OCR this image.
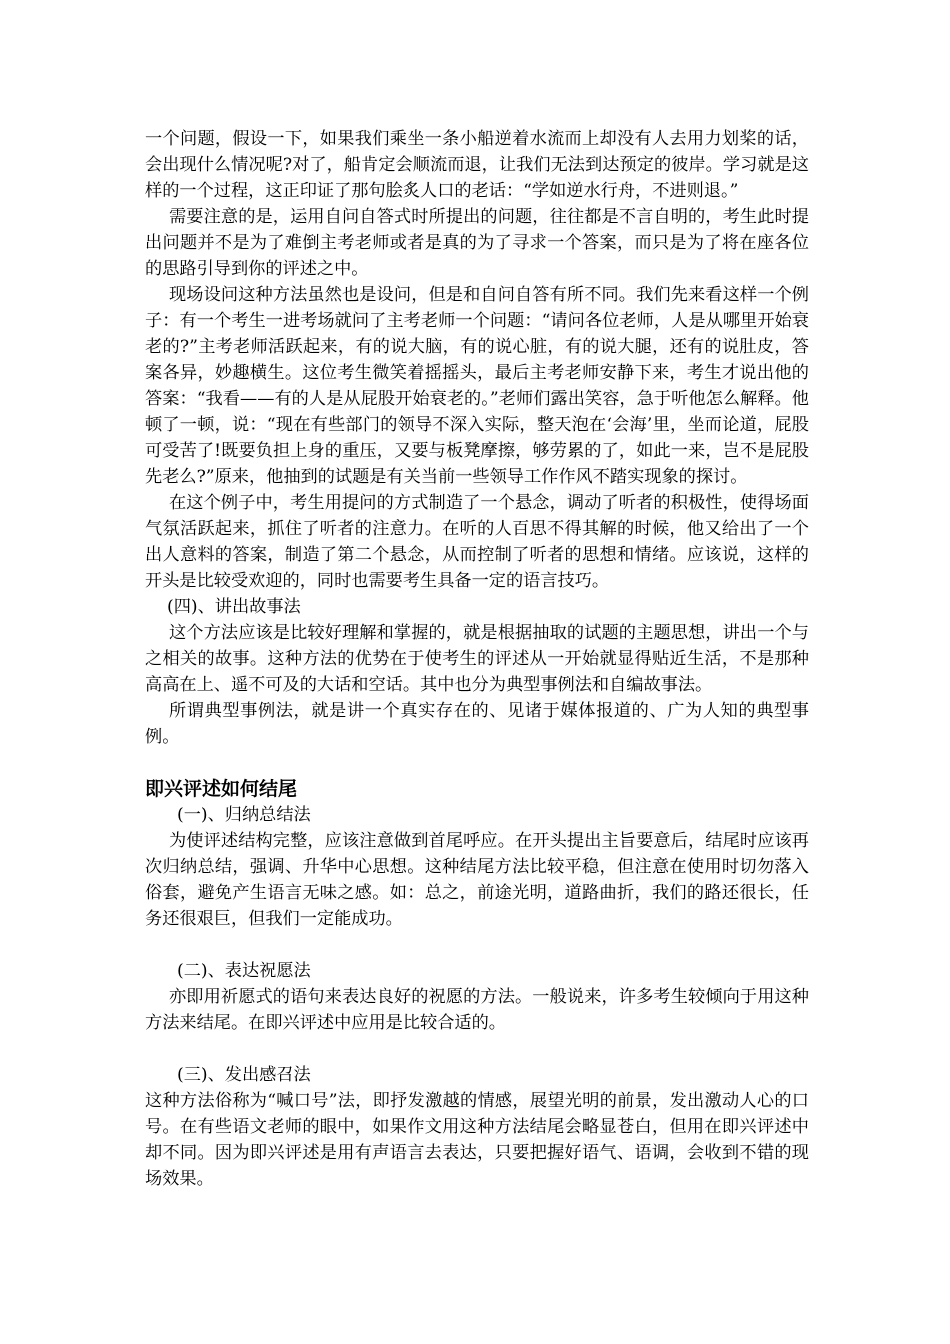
一个问题，假设一下，如果我们乘坐一条小船逆着水流而上却没有人去用力划桨的话，会出现什么情况呢?对了，船肯定会顺流而退，让我们无法到达预定的彼岸。学习就是这样的一个过程，这正印证了那句脍炙人口的老话：“学如逆水行舟，不进则退。”

需要注意的是，运用自问自答式时所提出的问题，往往都是不言自明的，考生此时提出问题并不是为了难倒主考老师或者是真的为了寻求一个答案，而只是为了将在座各位的思路引导到你的评述之中。

现场设问这种方法虽然也是设问，但是和自问自答有所不同。我们先来看这样一个例子：有一个考生一进考场就问了主考老师一个问题：“请问各位老师，人是从哪里开始衰老的?”主考老师活跃起来，有的说大脑，有的说心脏，有的说大腿，还有的说肚皮，答案各异，妙趣横生。这位考生微笑着摇摇头，最后主考老师安静下来，考生才说出他的答案：“我看——有的人是从屁股开始衰老的。”老师们露出笑容，急于听他怎么解释。他顿了一顿，说：“现在有些部门的领导不深入实际，整天泡在‘会海’里，坐而论道，屁股可受苦了!既要负担上身的重压，又要与板凳摩擦，够劳累的了，如此一来，岂不是屁股先老么?”原来，他抽到的试题是有关当前一些领导工作作风不踏实现象的探讨。

在这个例子中，考生用提问的方式制造了一个悬念，调动了听者的积极性，使得场面气氛活跃起来，抓住了听者的注意力。在听的人百思不得其解的时候，他又给出了一个出人意料的答案，制造了第二个悬念，从而控制了听者的思想和情绪。应该说，这样的开头是比较受欢迎的，同时也需要考生具备一定的语言技巧。

(四)、讲出故事法

这个方法应该是比较好理解和掌握的，就是根据抽取的试题的主题思想，讲出一个与之相关的故事。这种方法的优势在于使考生的评述从一开始就显得贴近生活，不是那种高高在上、遥不可及的大话和空话。其中也分为典型事例法和自编故事法。

所谓典型事例法，就是讲一个真实存在的、见诸于媒体报道的、广为人知的典型事例。

即兴评述如何结尾

(一)、归纳总结法

为使评述结构完整，应该注意做到首尾呼应。在开头提出主旨要意后，结尾时应该再次归纳总结，强调、升华中心思想。这种结尾方法比较平稳，但注意在使用时切勿落入俗套，避免产生语言无味之感。如：总之，前途光明，道路曲折，我们的路还很长，任务还很艰巨，但我们一定能成功。

(二)、表达祝愿法

亦即用祈愿式的语句来表达良好的祝愿的方法。一般说来，许多考生较倾向于用这种方法来结尾。在即兴评述中应用是比较合适的。

(三)、发出感召法

这种方法俗称为“喊口号”法，即抒发激越的情感，展望光明的前景，发出激动人心的口号。在有些语文老师的眼中，如果作文用这种方法结尾会略显苍白，但用在即兴评述中却不同。因为即兴评述是用有声语言去表达，只要把握好语气、语调，会收到不错的现场效果。
